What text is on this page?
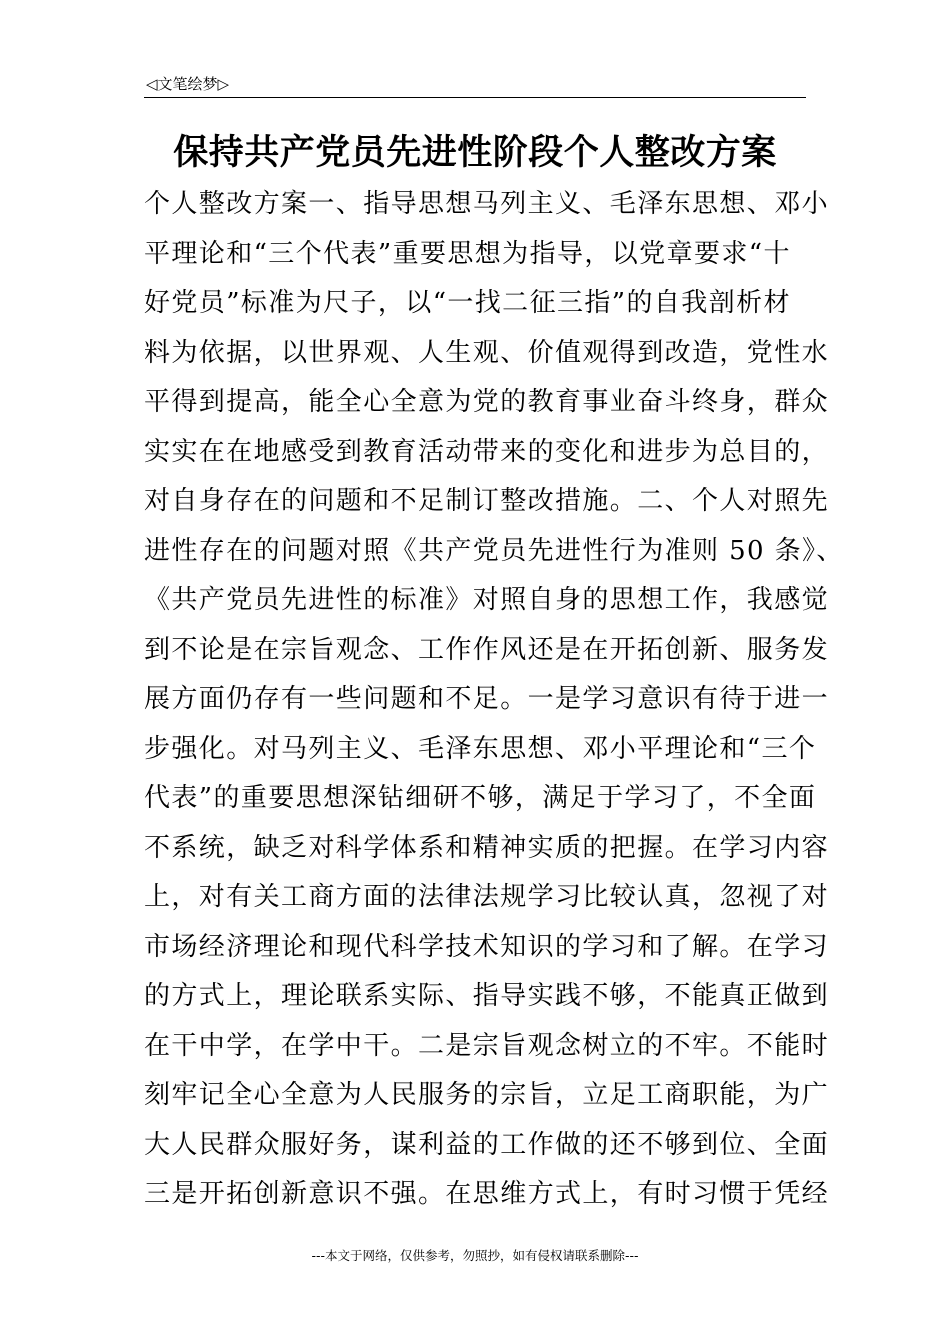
◁文笔绘梦▷
保持共产党员先进性阶段个人整改方案
个人整改方案一、指导思想马列主义、毛泽东思想、邓小
平理论和“三个代表”重要思想为指导，以党章要求“十
好党员”标准为尺子，以“一找二征三指”的自我剖析材
料为依据，以世界观、人生观、价值观得到改造，党性水
平得到提高，能全心全意为党的教育事业奋斗终身，群众
实实在在地感受到教育活动带来的变化和进步为总目的，
对自身存在的问题和不足制订整改措施。二、个人对照先
进性存在的问题对照《共产党员先进性行为准则 50 条》、
《共产党员先进性的标准》对照自身的思想工作，我感觉
到不论是在宗旨观念、工作作风还是在开拓创新、服务发
展方面仍存有一些问题和不足。一是学习意识有待于进一
步强化。对马列主义、毛泽东思想、邓小平理论和“三个
代表”的重要思想深钻细研不够，满足于学习了，不全面
不系统，缺乏对科学体系和精神实质的把握。在学习内容
上，对有关工商方面的法律法规学习比较认真，忽视了对
市场经济理论和现代科学技术知识的学习和了解。在学习
的方式上，理论联系实际、指导实践不够，不能真正做到
在干中学，在学中干。二是宗旨观念树立的不牢。不能时
刻牢记全心全意为人民服务的宗旨，立足工商职能，为广
大人民群众服好务，谋利益的工作做的还不够到位、全面
三是开拓创新意识不强。在思维方式上，有时习惯于凭经
---本文于网络，仅供参考，勿照抄，如有侵权请联系删除---
